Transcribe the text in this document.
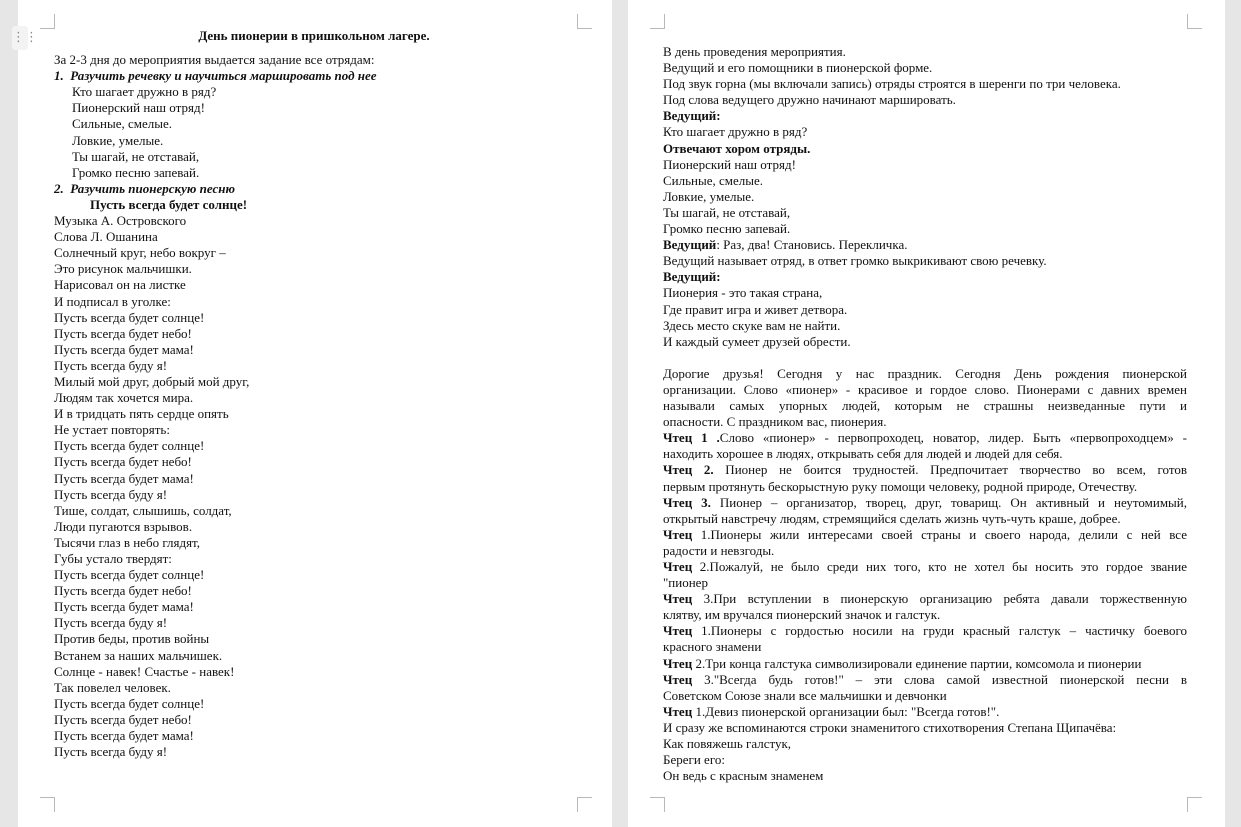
День пионерии в пришкольном лагере.
За 2-3 дня до мероприятия выдается задание все отрядам:
1. Разучить речевку и научиться маршировать под нее
Кто шагает дружно в ряд?
Пионерский наш отряд!
Сильные, смелые.
Ловкие, умелые.
Ты шагай, не отставай,
Громко песню запевай.
2. Разучить пионерскую песню
Пусть всегда будет солнце!
Музыка А. Островского
Слова Л. Ошанина
Солнечный круг, небо вокруг –
Это рисунок мальчишки.
Нарисовал он на листке
И подписал в уголке:
Пусть всегда будет солнце!
Пусть всегда будет небо!
Пусть всегда будет мама!
Пусть всегда буду я!
Милый мой друг, добрый мой друг,
Людям так хочется мира.
И в тридцать пять сердце опять
Не устает повторять:
Пусть всегда будет солнце!
Пусть всегда будет небо!
Пусть всегда будет мама!
Пусть всегда буду я!
Тише, солдат, слышишь, солдат,
Люди пугаются взрывов.
Тысячи глаз в небо глядят,
Губы устало твердят:
Пусть всегда будет солнце!
Пусть всегда будет небо!
Пусть всегда будет мама!
Пусть всегда буду я!
Против беды, против войны
Встанем за наших мальчишек.
Солнце - навек! Счастье - навек!
Так повелел человек.
Пусть всегда будет солнце!
Пусть всегда будет небо!
Пусть всегда будет мама!
Пусть всегда буду я!
⋮⋮
В день проведения мероприятия.
Ведущий и его помощники в пионерской форме.
Под звук горна (мы включали запись) отряды строятся в шеренги по три человека.
Под слова ведущего дружно начинают маршировать.
Ведущий:
Кто шагает дружно в ряд?
Отвечают хором отряды.
Пионерский наш отряд!
Сильные, смелые.
Ловкие, умелые.
Ты шагай, не отставай,
Громко песню запевай.
Ведущий: Раз, два! Становись. Перекличка.
Ведущий называет отряд, в ответ громко выкрикивают свою речевку.
Ведущий:
Пионерия - это такая страна,
Где правит игра и живет детвора.
Здесь место скуке вам не найти.
И каждый сумеет друзей обрести.
Дорогие друзья! Сегодня у нас праздник. Сегодня День рождения пионерской
организации. Слово «пионер» - красивое и гордое слово. Пионерами с давних времен
называли самых упорных людей, которым не страшны неизведанные пути и
опасности. С праздником вас, пионерия.
Чтец 1 .Слово «пионер» - первопроходец, новатор, лидер. Быть «первопроходцем» -
находить хорошее в людях, открывать себя для людей и людей для себя.
Чтец 2. Пионер не боится трудностей. Предпочитает творчество во всем, готов
первым протянуть бескорыстную руку помощи человеку, родной природе, Отечеству.
Чтец 3. Пионер – организатор, творец, друг, товарищ. Он активный и неутомимый,
открытый навстречу людям, стремящийся сделать жизнь чуть-чуть краше, добрее.
Чтец 1.Пионеры жили интересами своей страны и своего народа, делили с ней все
радости и невзгоды.
Чтец 2.Пожалуй, не было среди них того, кто не хотел бы носить это гордое звание
"пионер
Чтец 3.При вступлении в пионерскую организацию ребята давали торжественную
клятву, им вручался пионерский значок и галстук.
Чтец 1.Пионеры с гордостью носили на груди красный галстук – частичку боевого
красного знамени
Чтец 2.Три конца галстука символизировали единение партии, комсомола и пионерии
Чтец 3."Всегда будь готов!" – эти слова самой известной пионерской песни в
Советском Союзе знали все мальчишки и девчонки
Чтец 1.Девиз пионерской организации был: "Всегда готов!".
И сразу же вспоминаются строки знаменитого стихотворения Степана Щипачёва:
Как повяжешь галстук,
Береги его:
Он ведь с красным знаменем
